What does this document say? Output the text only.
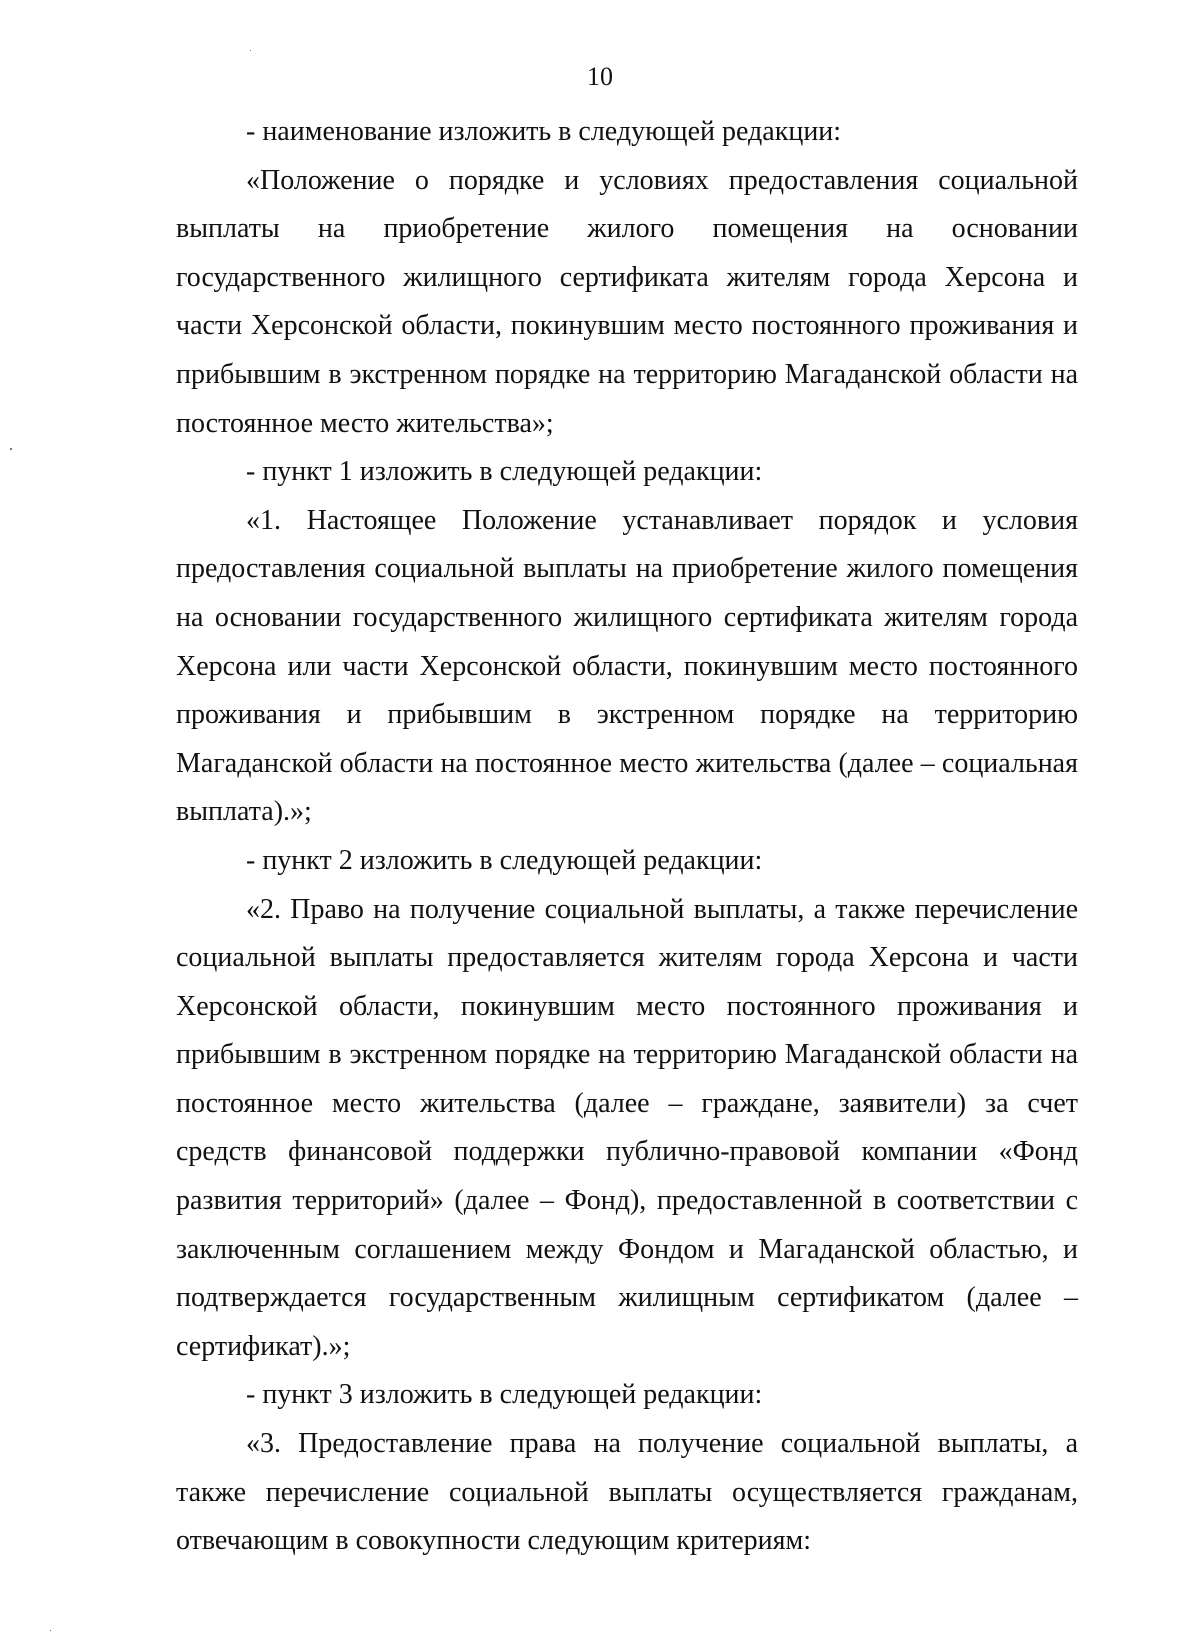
10

- наименование изложить в следующей редакции:

«Положение о порядке и условиях предоставления социальной выплаты на приобретение жилого помещения на основании государственного жилищного сертификата жителям города Херсона и части Херсонской области, покинувшим место постоянного проживания и прибывшим в экстренном порядке на территорию Магаданской области на постоянное место жительства»;

- пункт 1 изложить в следующей редакции:

«1. Настоящее Положение устанавливает порядок и условия предоставления социальной выплаты на приобретение жилого помещения на основании государственного жилищного сертификата жителям города Херсона или части Херсонской области, покинувшим место постоянного проживания и прибывшим в экстренном порядке на территорию Магаданской области на постоянное место жительства (далее – социальная выплата).»;

- пункт 2 изложить в следующей редакции:

«2. Право на получение социальной выплаты, а также перечисление социальной выплаты предоставляется жителям города Херсона и части Херсонской области, покинувшим место постоянного проживания и прибывшим в экстренном порядке на территорию Магаданской области на постоянное место жительства (далее – граждане, заявители) за счет средств финансовой поддержки публично-правовой компании «Фонд развития территорий» (далее – Фонд), предоставленной в соответствии с заключенным соглашением между Фондом и Магаданской областью, и подтверждается государственным жилищным сертификатом (далее – сертификат).»;

- пункт 3 изложить в следующей редакции:

«3. Предоставление права на получение социальной выплаты, а также перечисление социальной выплаты осуществляется гражданам, отвечающим в совокупности следующим критериям:
